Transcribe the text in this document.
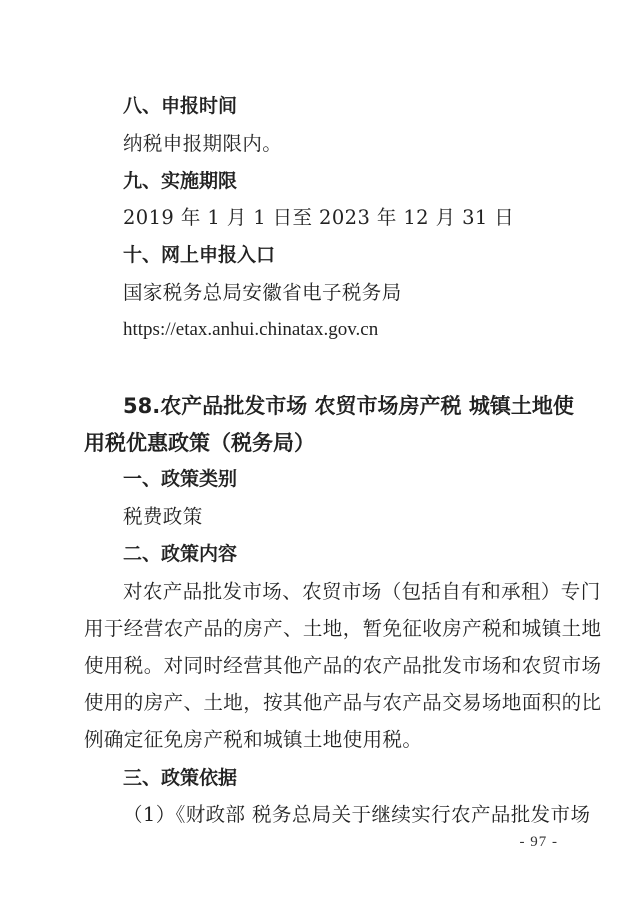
八、申报时间
纳税申报期限内。
九、实施期限
2019 年 1 月 1 日至 2023 年 12 月 31 日
十、网上申报入口
国家税务总局安徽省电子税务局
https://etax.anhui.chinatax.gov.cn
58.农产品批发市场 农贸市场房产税 城镇土地使
用税优惠政策（税务局）
一、政策类别
税费政策
二、政策内容
对农产品批发市场、农贸市场（包括自有和承租）专门
用于经营农产品的房产、土地，暂免征收房产税和城镇土地
使用税。对同时经营其他产品的农产品批发市场和农贸市场
使用的房产、土地，按其他产品与农产品交易场地面积的比
例确定征免房产税和城镇土地使用税。
三、政策依据
（1）《财政部 税务总局关于继续实行农产品批发市场
- 97 -
